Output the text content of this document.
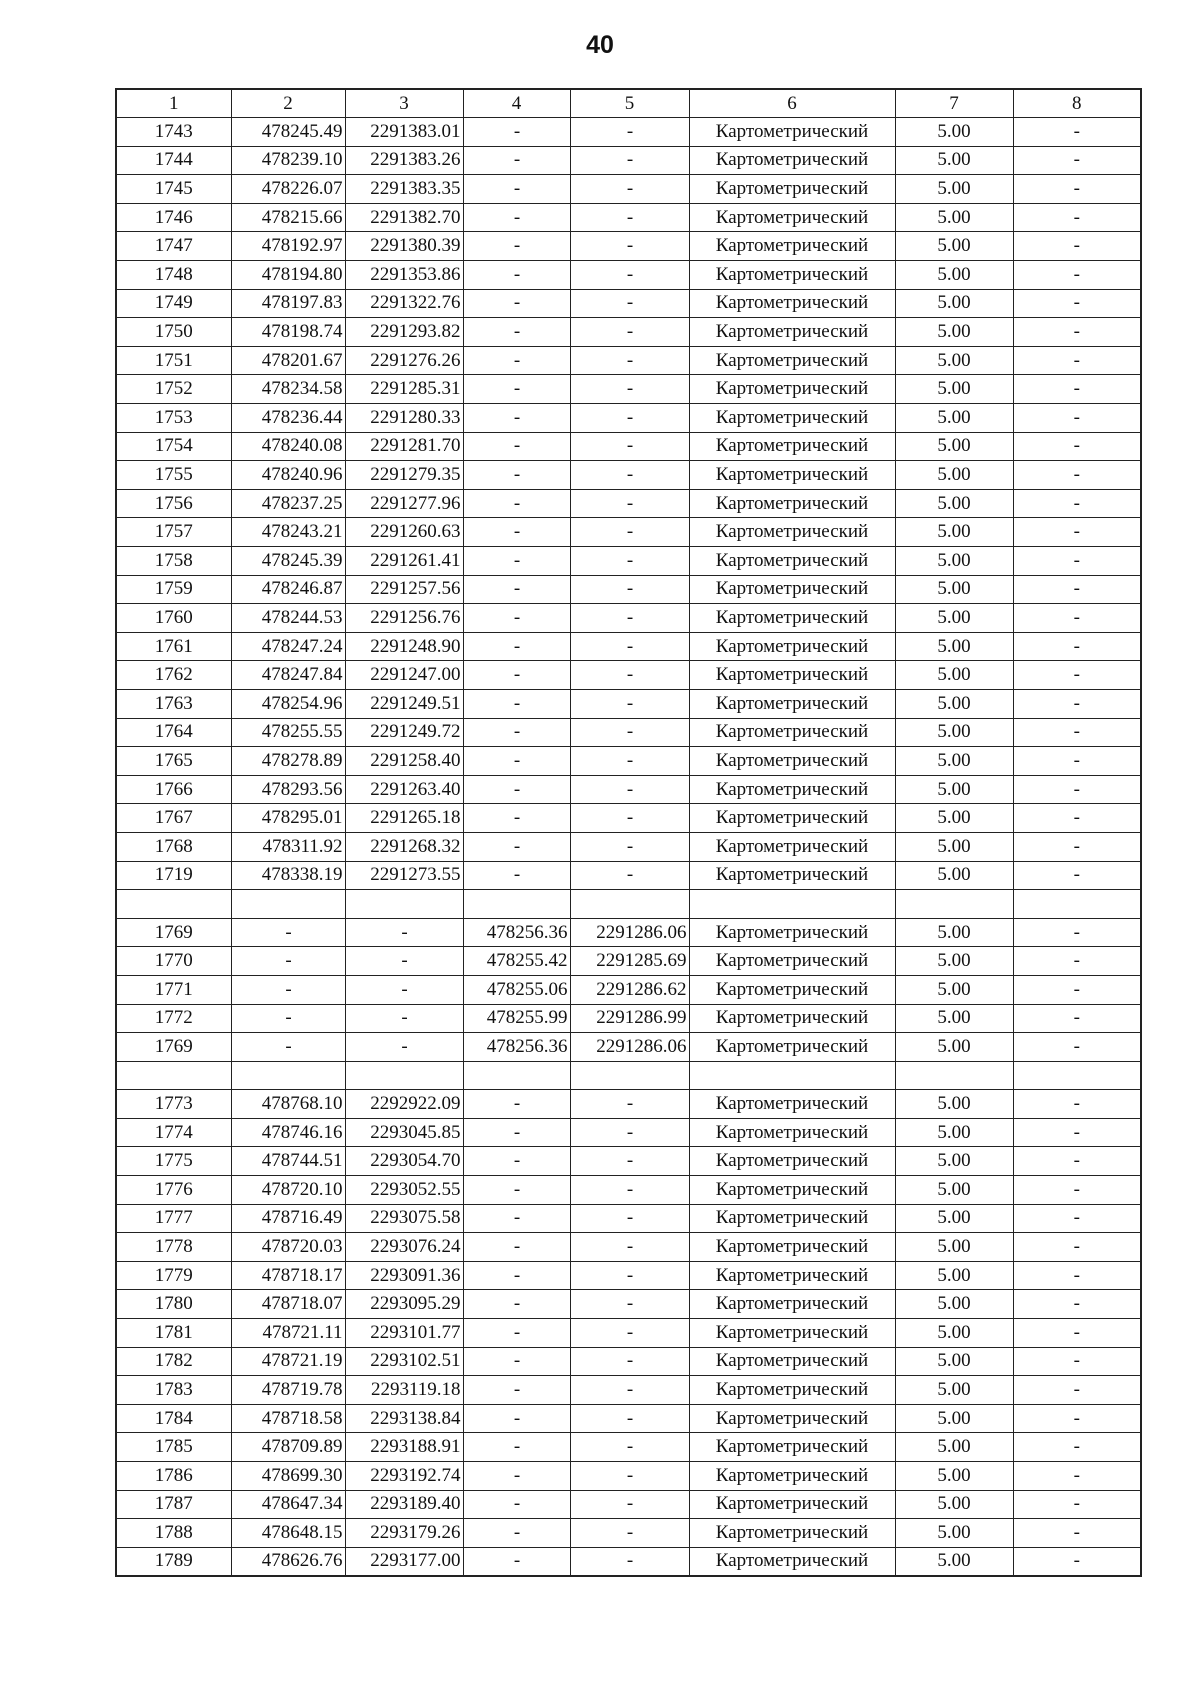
40
1	2	3	4	5	6	7	8
1743	478245.49	2291383.01	-	-	Картометрический	5.00	-
1744	478239.10	2291383.26	-	-	Картометрический	5.00	-
1745	478226.07	2291383.35	-	-	Картометрический	5.00	-
1746	478215.66	2291382.70	-	-	Картометрический	5.00	-
1747	478192.97	2291380.39	-	-	Картометрический	5.00	-
1748	478194.80	2291353.86	-	-	Картометрический	5.00	-
1749	478197.83	2291322.76	-	-	Картометрический	5.00	-
1750	478198.74	2291293.82	-	-	Картометрический	5.00	-
1751	478201.67	2291276.26	-	-	Картометрический	5.00	-
1752	478234.58	2291285.31	-	-	Картометрический	5.00	-
1753	478236.44	2291280.33	-	-	Картометрический	5.00	-
1754	478240.08	2291281.70	-	-	Картометрический	5.00	-
1755	478240.96	2291279.35	-	-	Картометрический	5.00	-
1756	478237.25	2291277.96	-	-	Картометрический	5.00	-
1757	478243.21	2291260.63	-	-	Картометрический	5.00	-
1758	478245.39	2291261.41	-	-	Картометрический	5.00	-
1759	478246.87	2291257.56	-	-	Картометрический	5.00	-
1760	478244.53	2291256.76	-	-	Картометрический	5.00	-
1761	478247.24	2291248.90	-	-	Картометрический	5.00	-
1762	478247.84	2291247.00	-	-	Картометрический	5.00	-
1763	478254.96	2291249.51	-	-	Картометрический	5.00	-
1764	478255.55	2291249.72	-	-	Картометрический	5.00	-
1765	478278.89	2291258.40	-	-	Картометрический	5.00	-
1766	478293.56	2291263.40	-	-	Картометрический	5.00	-
1767	478295.01	2291265.18	-	-	Картометрический	5.00	-
1768	478311.92	2291268.32	-	-	Картометрический	5.00	-
1719	478338.19	2291273.55	-	-	Картометрический	5.00	-

1769	-	-	478256.36	2291286.06	Картометрический	5.00	-
1770	-	-	478255.42	2291285.69	Картометрический	5.00	-
1771	-	-	478255.06	2291286.62	Картометрический	5.00	-
1772	-	-	478255.99	2291286.99	Картометрический	5.00	-
1769	-	-	478256.36	2291286.06	Картометрический	5.00	-

1773	478768.10	2292922.09	-	-	Картометрический	5.00	-
1774	478746.16	2293045.85	-	-	Картометрический	5.00	-
1775	478744.51	2293054.70	-	-	Картометрический	5.00	-
1776	478720.10	2293052.55	-	-	Картометрический	5.00	-
1777	478716.49	2293075.58	-	-	Картометрический	5.00	-
1778	478720.03	2293076.24	-	-	Картометрический	5.00	-
1779	478718.17	2293091.36	-	-	Картометрический	5.00	-
1780	478718.07	2293095.29	-	-	Картометрический	5.00	-
1781	478721.11	2293101.77	-	-	Картометрический	5.00	-
1782	478721.19	2293102.51	-	-	Картометрический	5.00	-
1783	478719.78	2293119.18	-	-	Картометрический	5.00	-
1784	478718.58	2293138.84	-	-	Картометрический	5.00	-
1785	478709.89	2293188.91	-	-	Картометрический	5.00	-
1786	478699.30	2293192.74	-	-	Картометрический	5.00	-
1787	478647.34	2293189.40	-	-	Картометрический	5.00	-
1788	478648.15	2293179.26	-	-	Картометрический	5.00	-
1789	478626.76	2293177.00	-	-	Картометрический	5.00	-
